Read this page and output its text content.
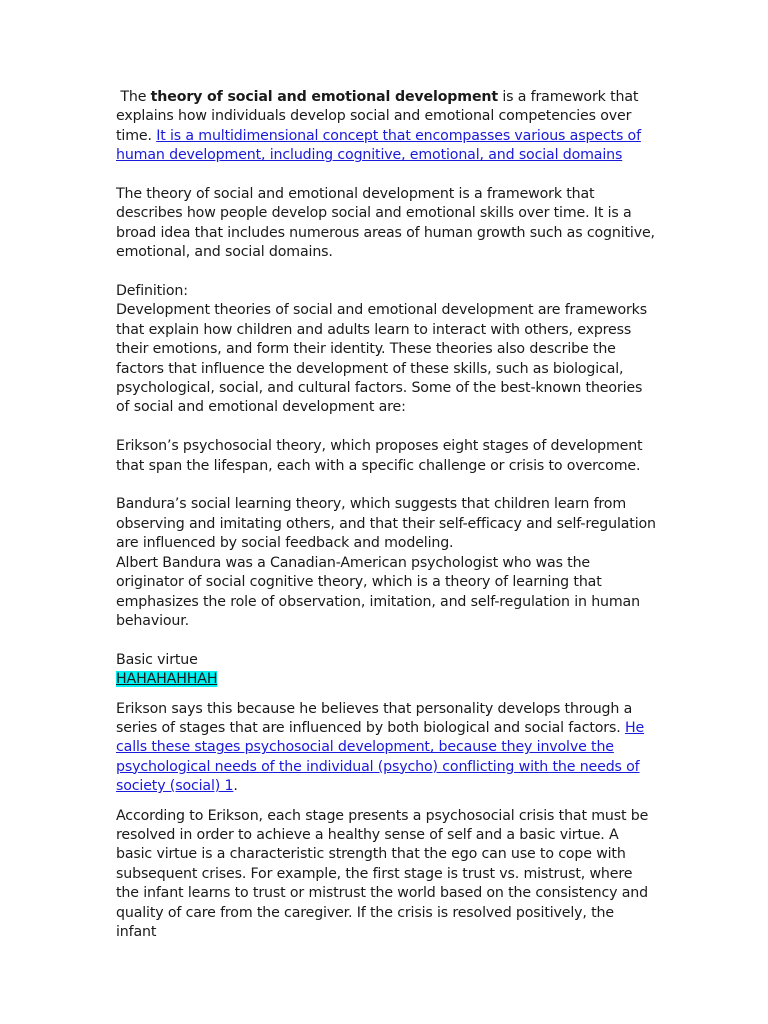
The theory of social and emotional development is a framework that explains how individuals develop social and emotional competencies over time. It is a multidimensional concept that encompasses various aspects of human development, including cognitive, emotional, and social domains

The theory of social and emotional development is a framework that describes how people develop social and emotional skills over time. It is a broad idea that includes numerous areas of human growth such as cognitive, emotional, and social domains.

Definition:

Development theories of social and emotional development are frameworks that explain how children and adults learn to interact with others, express their emotions, and form their identity. These theories also describe the factors that influence the development of these skills, such as biological, psychological, social, and cultural factors. Some of the best-known theories of social and emotional development are:

Erikson’s psychosocial theory, which proposes eight stages of development that span the lifespan, each with a specific challenge or crisis to overcome.

Bandura’s social learning theory, which suggests that children learn from observing and imitating others, and that their self-efficacy and self-regulation are influenced by social feedback and modeling.

Albert Bandura was a Canadian-American psychologist who was the originator of social cognitive theory, which is a theory of learning that emphasizes the role of observation, imitation, and self-regulation in human behaviour.

Basic virtue

HAHAHAHHAH

Erikson says this because he believes that personality develops through a series of stages that are influenced by both biological and social factors. He calls these stages psychosocial development, because they involve the psychological needs of the individual (psycho) conflicting with the needs of society (social) 1.

According to Erikson, each stage presents a psychosocial crisis that must be resolved in order to achieve a healthy sense of self and a basic virtue. A basic virtue is a characteristic strength that the ego can use to cope with subsequent crises. For example, the first stage is trust vs. mistrust, where the infant learns to trust or mistrust the world based on the consistency and quality of care from the caregiver. If the crisis is resolved positively, the infant
